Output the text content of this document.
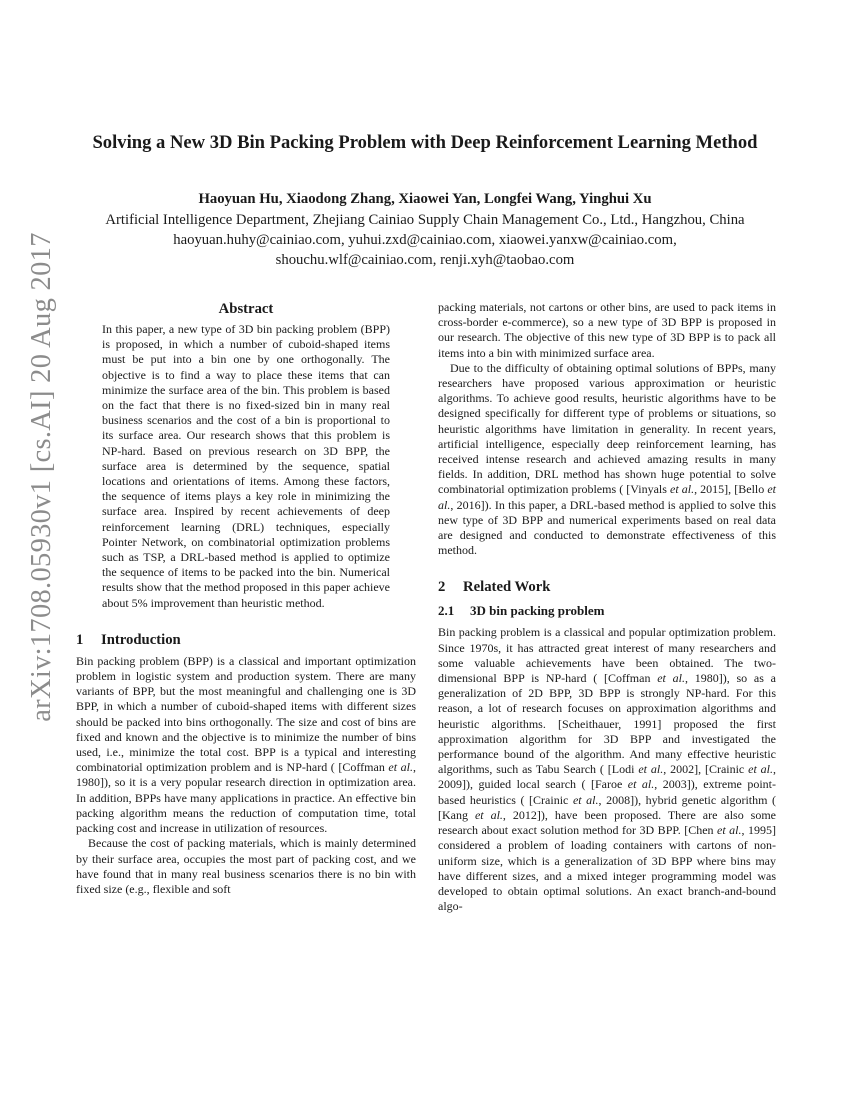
arXiv:1708.05930v1 [cs.AI] 20 Aug 2017
Solving a New 3D Bin Packing Problem with Deep Reinforcement Learning Method
Haoyuan Hu, Xiaodong Zhang, Xiaowei Yan, Longfei Wang, Yinghui Xu
Artificial Intelligence Department, Zhejiang Cainiao Supply Chain Management Co., Ltd., Hangzhou, China
haoyuan.huhy@cainiao.com, yuhui.zxd@cainiao.com, xiaowei.yanxw@cainiao.com,
shouchu.wlf@cainiao.com, renji.xyh@taobao.com
Abstract
In this paper, a new type of 3D bin packing problem (BPP) is proposed, in which a number of cuboid-shaped items must be put into a bin one by one orthogonally. The objective is to find a way to place these items that can minimize the surface area of the bin. This problem is based on the fact that there is no fixed-sized bin in many real business scenarios and the cost of a bin is proportional to its surface area. Our research shows that this problem is NP-hard. Based on previous research on 3D BPP, the surface area is determined by the sequence, spatial locations and orientations of items. Among these factors, the sequence of items plays a key role in minimizing the surface area. Inspired by recent achievements of deep reinforcement learning (DRL) techniques, especially Pointer Network, on combinatorial optimization problems such as TSP, a DRL-based method is applied to optimize the sequence of items to be packed into the bin. Numerical results show that the method proposed in this paper achieve about 5% improvement than heuristic method.
1 Introduction

Bin packing problem (BPP) is a classical and important optimization problem in logistic system and production system. There are many variants of BPP, but the most meaningful and challenging one is 3D BPP, in which a number of cuboid-shaped items with different sizes should be packed into bins orthogonally. The size and cost of bins are fixed and known and the objective is to minimize the number of bins used, i.e., minimize the total cost. BPP is a typical and interesting combinatorial optimization problem and is NP-hard ( [Coffman et al., 1980]), so it is a very popular research direction in optimization area. In addition, BPPs have many applications in practice. An effective bin packing algorithm means the reduction of computation time, total packing cost and increase in utilization of resources.

Because the cost of packing materials, which is mainly determined by their surface area, occupies the most part of packing cost, and we have found that in many real business scenarios there is no bin with fixed size (e.g., flexible and soft

packing materials, not cartons or other bins, are used to pack items in cross-border e-commerce), so a new type of 3D BPP is proposed in our research. The objective of this new type of 3D BPP is to pack all items into a bin with minimized surface area.

Due to the difficulty of obtaining optimal solutions of BPPs, many researchers have proposed various approximation or heuristic algorithms. To achieve good results, heuristic algorithms have to be designed specifically for different type of problems or situations, so heuristic algorithms have limitation in generality. In recent years, artificial intelligence, especially deep reinforcement learning, has received intense research and achieved amazing results in many fields. In addition, DRL method has shown huge potential to solve combinatorial optimization problems ( [Vinyals et al., 2015], [Bello et al., 2016]). In this paper, a DRL-based method is applied to solve this new type of 3D BPP and numerical experiments based on real data are designed and conducted to demonstrate effectiveness of this method.

2 Related Work
2.1 3D bin packing problem

Bin packing problem is a classical and popular optimization problem. Since 1970s, it has attracted great interest of many researchers and some valuable achievements have been obtained. The two-dimensional BPP is NP-hard ( [Coffman et al., 1980]), so as a generalization of 2D BPP, 3D BPP is strongly NP-hard. For this reason, a lot of research focuses on approximation algorithms and heuristic algorithms. [Scheithauer, 1991] proposed the first approximation algorithm for 3D BPP and investigated the performance bound of the algorithm. And many effective heuristic algorithms, such as Tabu Search ( [Lodi et al., 2002], [Crainic et al., 2009]), guided local search ( [Faroe et al., 2003]), extreme point-based heuristics ( [Crainic et al., 2008]), hybrid genetic algorithm ( [Kang et al., 2012]), have been proposed. There are also some research about exact solution method for 3D BPP. [Chen et al., 1995] considered a problem of loading containers with cartons of non-uniform size, which is a generalization of 3D BPP where bins may have different sizes, and a mixed integer programming model was developed to obtain optimal solutions. An exact branch-and-bound algo-
